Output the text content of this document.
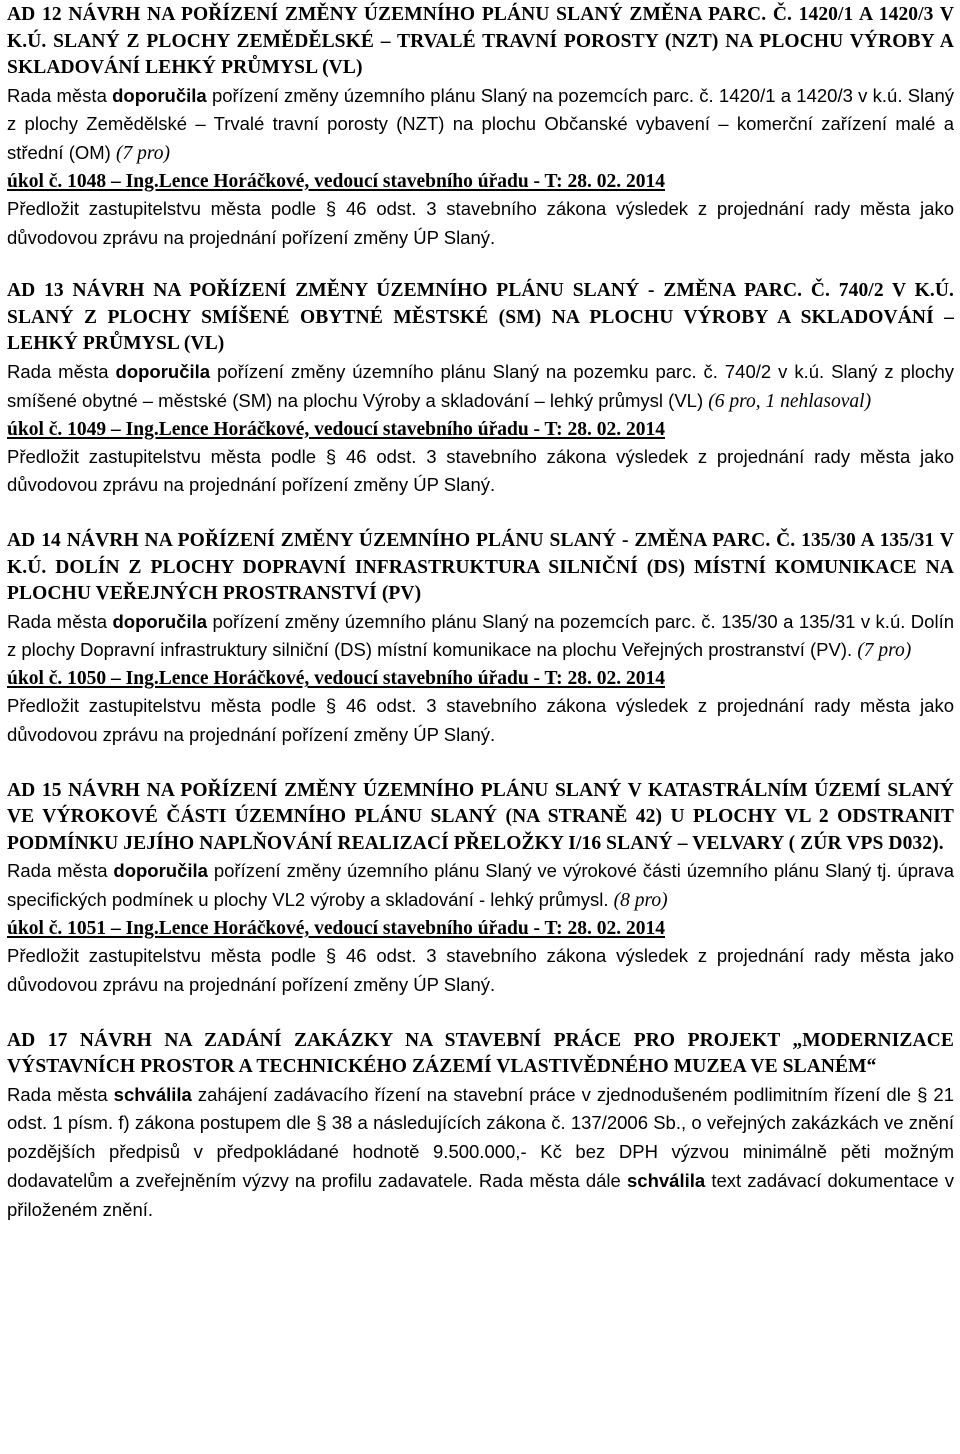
AD 12 NÁVRH NA POŘÍZENÍ ZMĚNY ÚZEMNÍHO PLÁNU SLANÝ ZMĚNA PARC. Č. 1420/1 A 1420/3 V K.Ú. SLANÝ Z PLOCHY ZEMĚDĚLSKÉ – TRVALÉ TRAVNÍ POROSTY (NZT) NA PLOCHU VÝROBY A SKLADOVÁNÍ LEHKÝ PRŮMYSL (VL)
Rada města doporučila pořízení změny územního plánu Slaný na pozemcích parc. č. 1420/1 a 1420/3 v k.ú. Slaný z plochy Zemědělské – Trvalé travní porosty (NZT) na plochu Občanské vybavení – komerční zařízení malé a střední (OM) (7 pro)
úkol č. 1048 – Ing.Lence Horáčkové, vedoucí stavebního úřadu - T: 28. 02. 2014
Předložit zastupitelstvu města podle § 46 odst. 3 stavebního zákona výsledek z projednání rady města jako důvodovou zprávu na projednání pořízení změny ÚP Slaný.
AD 13 NÁVRH NA POŘÍZENÍ ZMĚNY ÚZEMNÍHO PLÁNU SLANÝ - ZMĚNA PARC. Č. 740/2 V K.Ú. SLANÝ Z PLOCHY SMÍŠENÉ OBYTNÉ MĚSTSKÉ (SM) NA PLOCHU VÝROBY A SKLADOVÁNÍ – LEHKÝ PRŮMYSL (VL)
Rada města doporučila pořízení změny územního plánu Slaný na pozemku parc. č. 740/2 v k.ú. Slaný z plochy smíšené obytné – městské (SM) na plochu Výroby a skladování – lehký průmysl (VL) (6 pro, 1 nehlasoval)
úkol č. 1049 – Ing.Lence Horáčkové, vedoucí stavebního úřadu - T: 28. 02. 2014
Předložit zastupitelstvu města podle § 46 odst. 3 stavebního zákona výsledek z projednání rady města jako důvodovou zprávu na projednání pořízení změny ÚP Slaný.
AD 14 NÁVRH NA POŘÍZENÍ ZMĚNY ÚZEMNÍHO PLÁNU SLANÝ - ZMĚNA PARC. Č. 135/30 A 135/31 V K.Ú. DOLÍN Z PLOCHY DOPRAVNÍ INFRASTRUKTURA SILNIČNÍ (DS) MÍSTNÍ KOMUNIKACE NA PLOCHU VEŘEJNÝCH PROSTRANSTVÍ (PV)
Rada města doporučila pořízení změny územního plánu Slaný na pozemcích parc. č. 135/30 a 135/31 v k.ú. Dolín z plochy Dopravní infrastruktury silniční (DS) místní komunikace na plochu Veřejných prostranství (PV). (7 pro)
úkol č. 1050 – Ing.Lence Horáčkové, vedoucí stavebního úřadu - T: 28. 02. 2014
Předložit zastupitelstvu města podle § 46 odst. 3 stavebního zákona výsledek z projednání rady města jako důvodovou zprávu na projednání pořízení změny ÚP Slaný.
AD 15 NÁVRH NA POŘÍZENÍ ZMĚNY ÚZEMNÍHO PLÁNU SLANÝ V KATASTRÁLNÍM ÚZEMÍ SLANÝ VE VÝROKOVÉ ČÁSTI ÚZEMNÍHO PLÁNU SLANÝ (NA STRANĚ 42) U PLOCHY VL 2 ODSTRANIT PODMÍNKU JEJÍHO NAPLŇOVÁNÍ REALIZACÍ PŘELOŽKY I/16 SLANÝ – VELVARY ( ZÚR VPS D032).
Rada města doporučila pořízení změny územního plánu Slaný ve výrokové části územního plánu Slaný tj. úprava specifických podmínek u plochy VL2 výroby a skladování - lehký průmysl. (8 pro)
úkol č. 1051 – Ing.Lence Horáčkové, vedoucí stavebního úřadu - T: 28. 02. 2014
Předložit zastupitelstvu města podle § 46 odst. 3 stavebního zákona výsledek z projednání rady města jako důvodovou zprávu na projednání pořízení změny ÚP Slaný.
AD 17 NÁVRH NA ZADÁNÍ ZAKÁZKY NA STAVEBNÍ PRÁCE PRO PROJEKT „MODERNIZACE VÝSTAVNÍCH PROSTOR A TECHNICKÉHO ZÁZEMÍ VLASTIVĚDNÉHO MUZEA VE SLANÉM“
Rada města schválila zahájení zadávacího řízení na stavební práce v zjednodušeném podlimitním řízení dle § 21 odst. 1 písm. f) zákona postupem dle § 38 a následujících zákona č. 137/2006 Sb., o veřejných zakázkách ve znění pozdějších předpisů v předpokládané hodnotě 9.500.000,- Kč bez DPH výzvou minimálně pěti možným dodavatelům a zveřejněním výzvy na profilu zadavatele. Rada města dále schválila text zadávací dokumentace v přiloženém znění.
